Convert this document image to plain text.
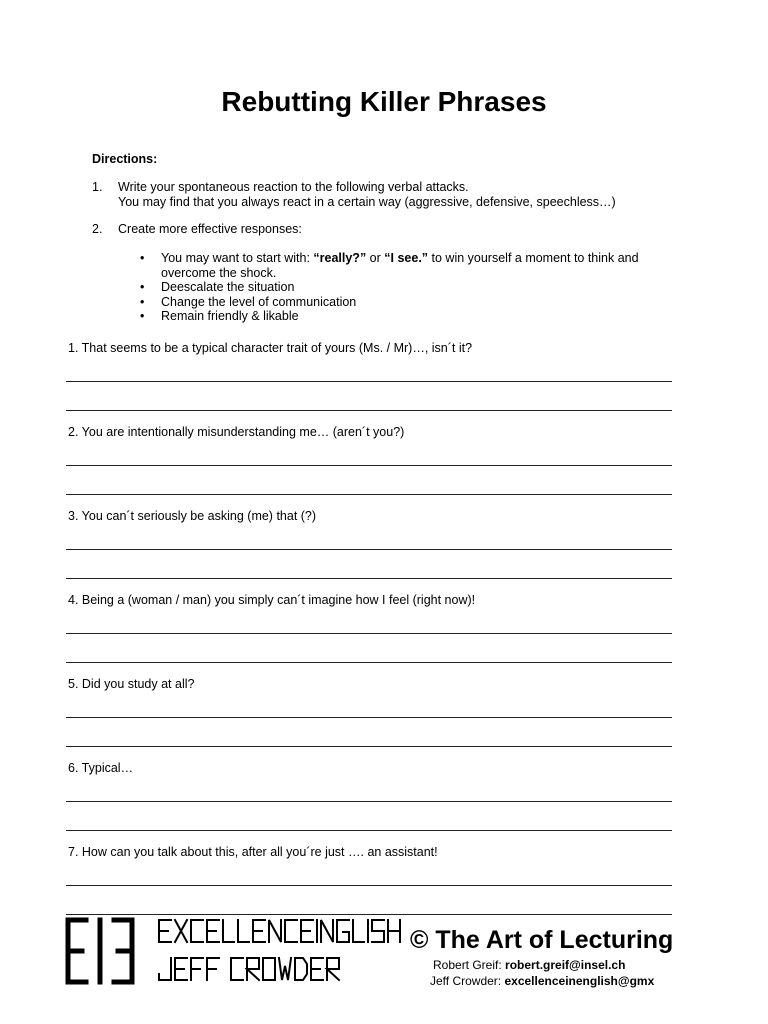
Rebutting Killer Phrases
Directions:
1. Write your spontaneous reaction to the following verbal attacks.
You may find that you always react in a certain way (aggressive, defensive, speechless…)
2. Create more effective responses:
• You may want to start with: “really?” or “I see.” to win yourself a moment to think and overcome the shock.
• Deescalate the situation
• Change the level of communication
• Remain friendly & likable
1. That seems to be a typical character trait of yours (Ms. / Mr)…, isn´t it?
2. You are intentionally misunderstanding me… (aren´t you?)
3. You can´t seriously be asking (me) that (?)
4. Being a (woman / man) you simply can´t imagine how I feel (right now)!
5. Did you study at all?
6. Typical…
7. How can you talk about this, after all you´re just …. an assistant!
© The Art of Lecturing
Robert Greif: robert.greif@insel.ch
Jeff Crowder: excellenceinenglish@gmx
